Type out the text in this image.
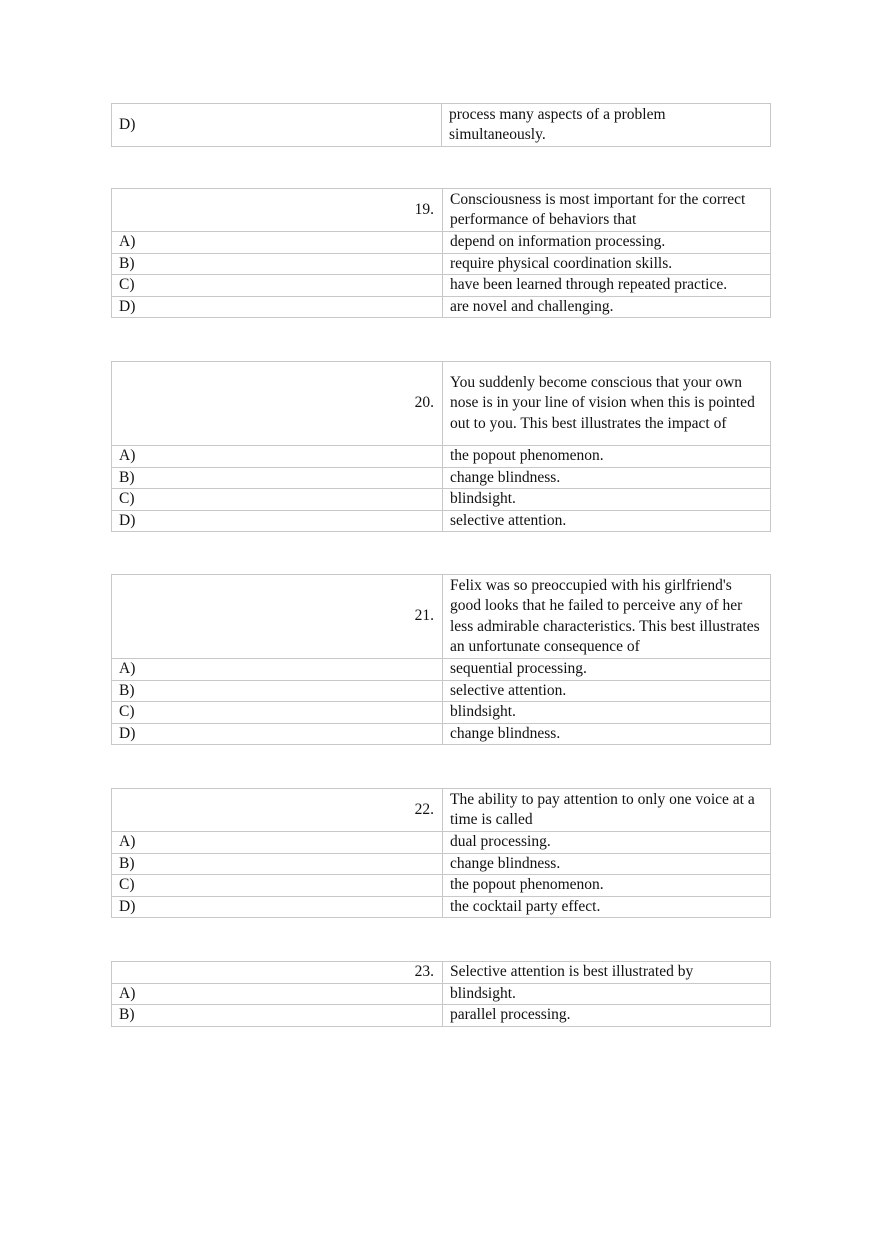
D)	process many aspects of a problem simultaneously.
19.	Consciousness is most important for the correct performance of behaviors that
A)	depend on information processing.
B)	require physical coordination skills.
C)	have been learned through repeated practice.
D)	are novel and challenging.
20.	You suddenly become conscious that your own nose is in your line of vision when this is pointed out to you. This best illustrates the impact of
A)	the popout phenomenon.
B)	change blindness.
C)	blindsight.
D)	selective attention.
21.	Felix was so preoccupied with his girlfriend's good looks that he failed to perceive any of her less admirable characteristics. This best illustrates an unfortunate consequence of
A)	sequential processing.
B)	selective attention.
C)	blindsight.
D)	change blindness.
22.	The ability to pay attention to only one voice at a time is called
A)	dual processing.
B)	change blindness.
C)	the popout phenomenon.
D)	the cocktail party effect.
23.	Selective attention is best illustrated by
A)	blindsight.
B)	parallel processing.
